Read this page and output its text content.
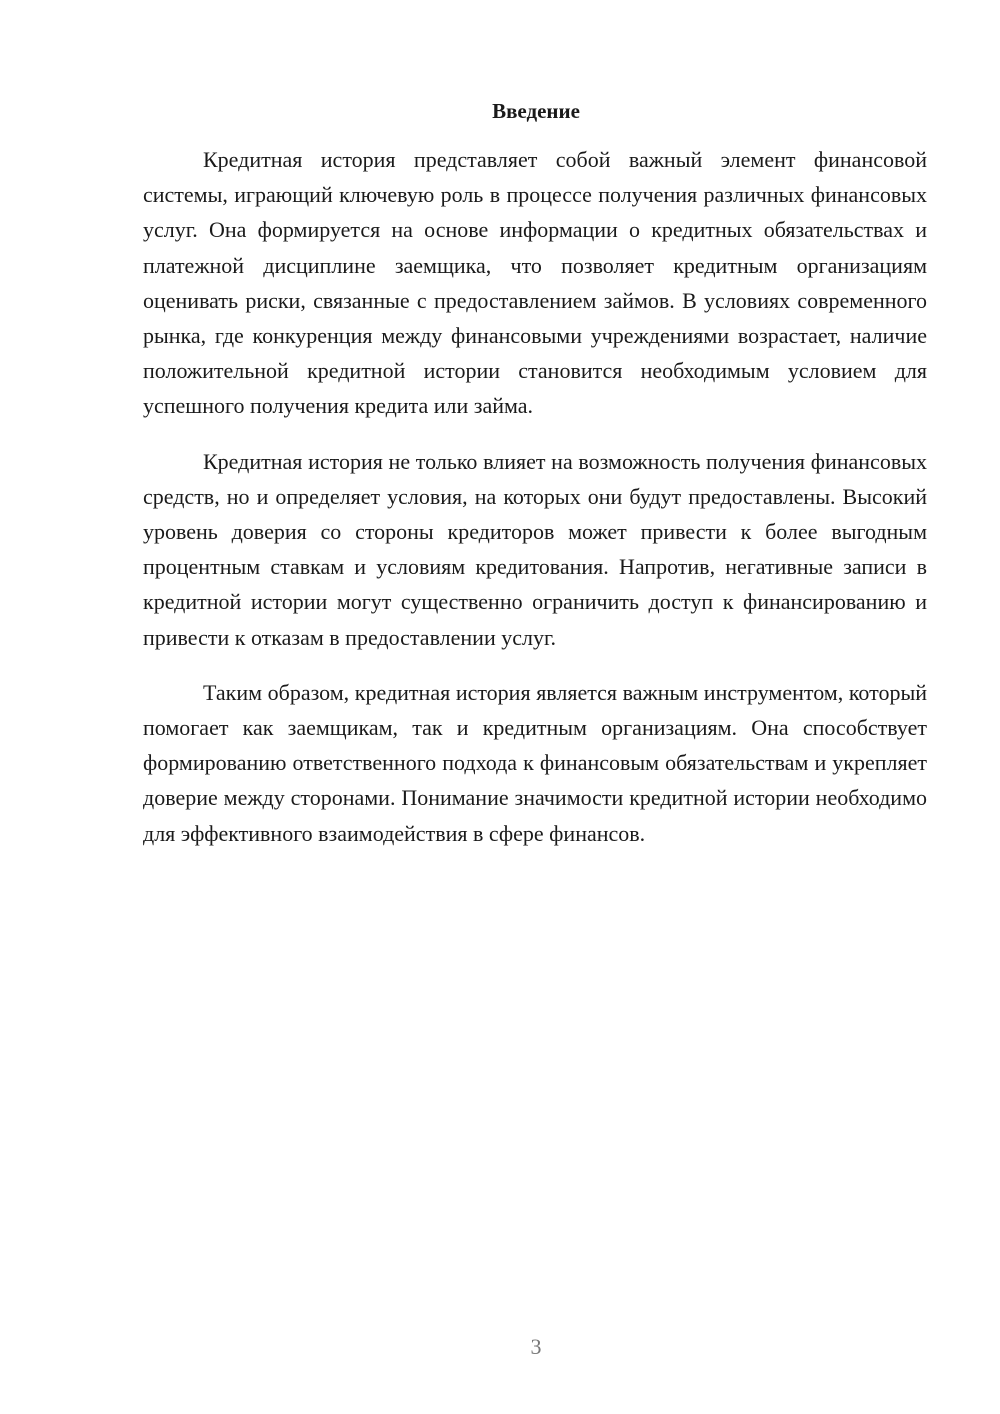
Введение

Кредитная история представляет собой важный элемент финансовой системы, играющий ключевую роль в процессе получения различных финансовых услуг. Она формируется на основе информации о кредитных обязательствах и платежной дисциплине заемщика, что позволяет кредитным организациям оценивать риски, связанные с предоставлением займов. В условиях современного рынка, где конкуренция между финансовыми учреждениями возрастает, наличие положительной кредитной истории становится необходимым условием для успешного получения кредита или займа.

Кредитная история не только влияет на возможность получения финансовых средств, но и определяет условия, на которых они будут предоставлены. Высокий уровень доверия со стороны кредиторов может привести к более выгодным процентным ставкам и условиям кредитования. Напротив, негативные записи в кредитной истории могут существенно ограничить доступ к финансированию и привести к отказам в предоставлении услуг.

Таким образом, кредитная история является важным инструментом, который помогает как заемщикам, так и кредитным организациям. Она способствует формированию ответственного подхода к финансовым обязательствам и укрепляет доверие между сторонами. Понимание значимости кредитной истории необходимо для эффективного взаимодействия в сфере финансов.

3
